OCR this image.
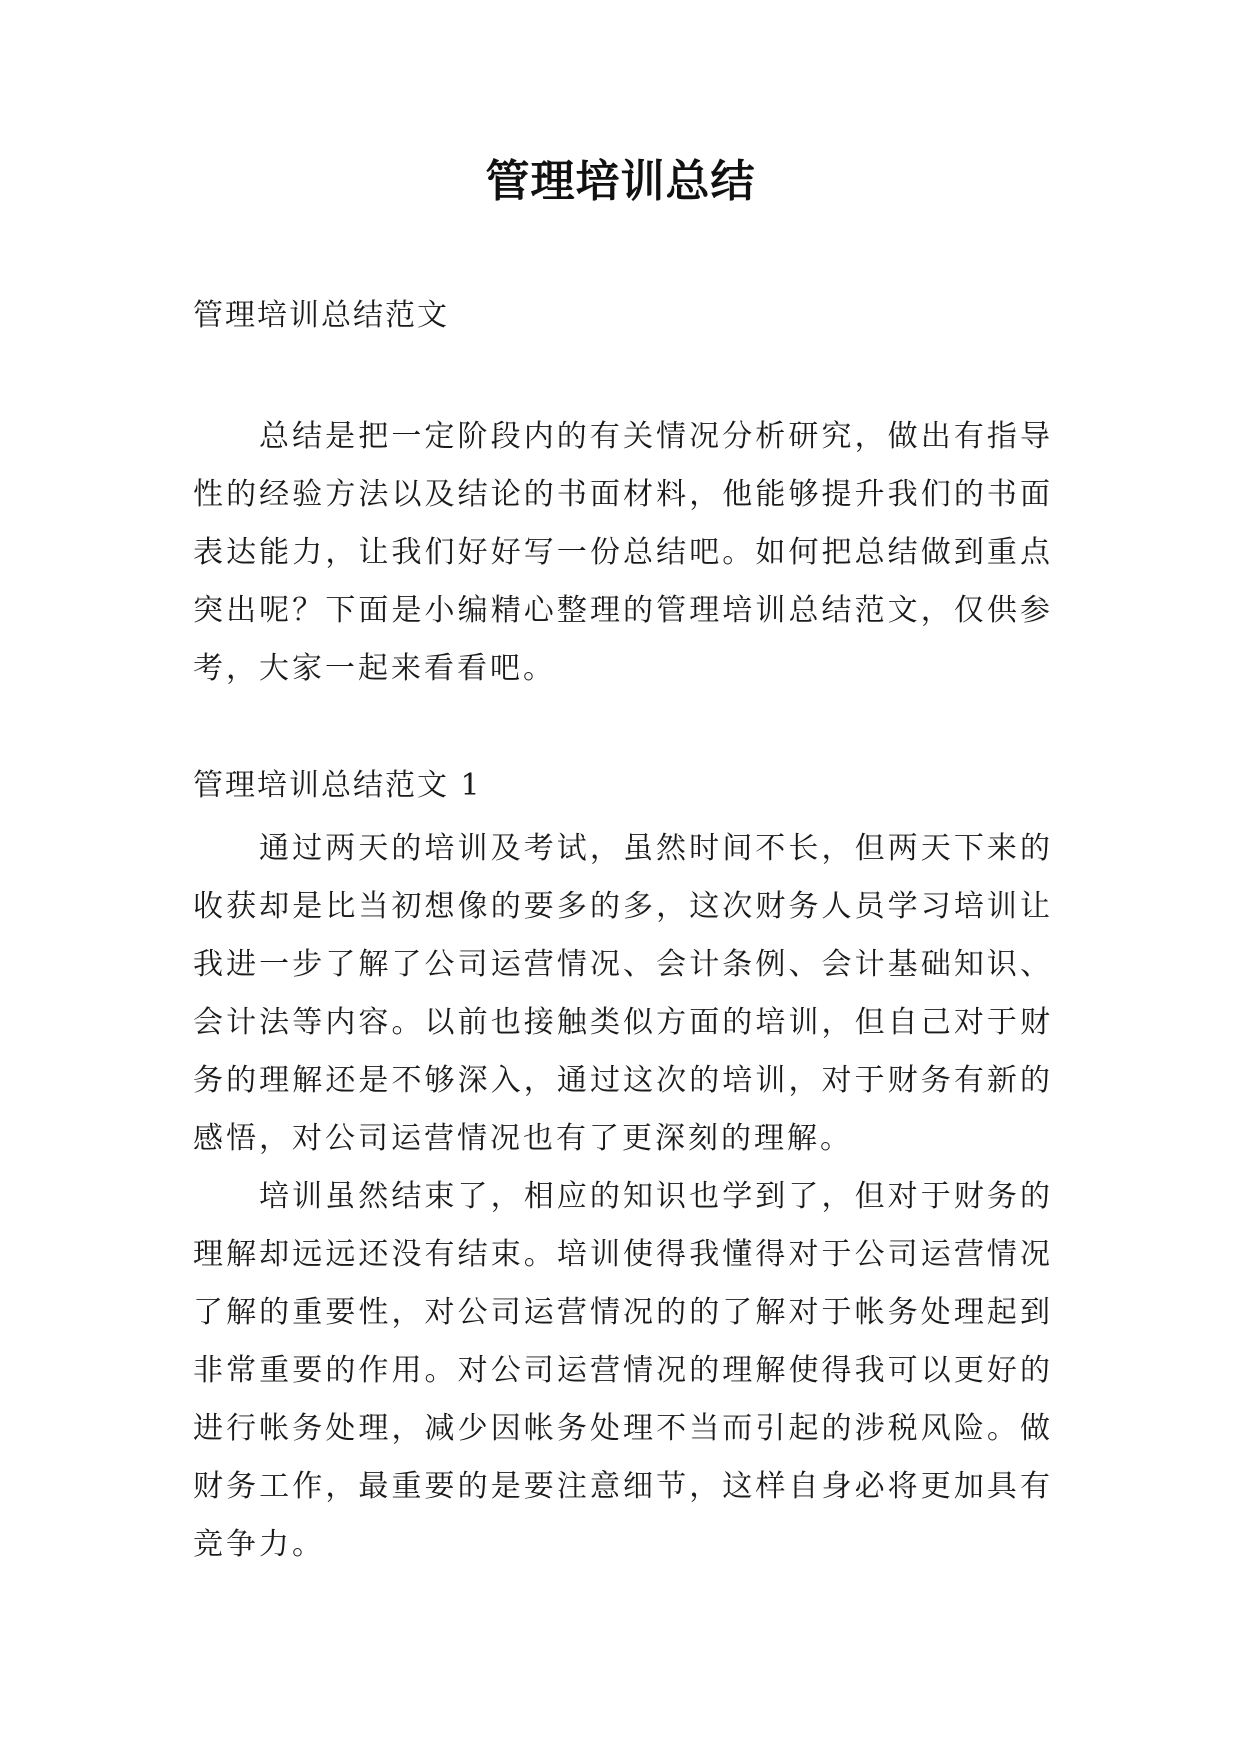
管理培训总结
管理培训总结范文
总结是把一定阶段内的有关情况分析研究，做出有指导性的经验方法以及结论的书面材料，他能够提升我们的书面表达能力，让我们好好写一份总结吧。如何把总结做到重点突出呢？下面是小编精心整理的管理培训总结范文，仅供参考，大家一起来看看吧。
管理培训总结范文 1

通过两天的培训及考试，虽然时间不长，但两天下来的收获却是比当初想像的要多的多，这次财务人员学习培训让我进一步了解了公司运营情况、会计条例、会计基础知识、会计法等内容。以前也接触类似方面的培训，但自己对于财务的理解还是不够深入，通过这次的培训，对于财务有新的感悟，对公司运营情况也有了更深刻的理解。

培训虽然结束了，相应的知识也学到了，但对于财务的理解却远远还没有结束。培训使得我懂得对于公司运营情况了解的重要性，对公司运营情况的的了解对于帐务处理起到非常重要的作用。对公司运营情况的理解使得我可以更好的进行帐务处理，减少因帐务处理不当而引起的涉税风险。做财务工作，最重要的是要注意细节，这样自身必将更加具有竞争力。
